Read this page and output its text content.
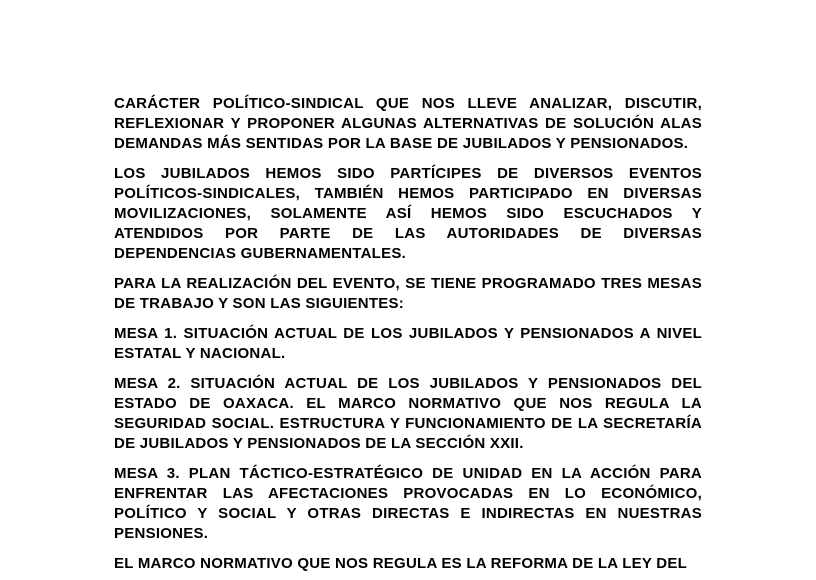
CARÁCTER POLÍTICO-SINDICAL QUE NOS LLEVE ANALIZAR, DISCUTIR, REFLEXIONAR Y PROPONER ALGUNAS ALTERNATIVAS DE SOLUCIÓN ALAS DEMANDAS MÁS SENTIDAS POR LA BASE DE JUBILADOS Y PENSIONADOS.

LOS JUBILADOS HEMOS SIDO PARTÍCIPES DE DIVERSOS EVENTOS POLÍTICOS-SINDICALES, TAMBIÉN HEMOS PARTICIPADO EN DIVERSAS MOVILIZACIONES, SOLAMENTE ASÍ HEMOS SIDO ESCUCHADOS Y ATENDIDOS POR PARTE DE LAS AUTORIDADES DE DIVERSAS DEPENDENCIAS GUBERNAMENTALES.

PARA LA REALIZACIÓN DEL EVENTO, SE TIENE PROGRAMADO TRES MESAS DE TRABAJO Y SON LAS SIGUIENTES:

MESA 1. SITUACIÓN ACTUAL DE LOS JUBILADOS Y PENSIONADOS A NIVEL ESTATAL Y NACIONAL.

MESA 2. SITUACIÓN ACTUAL DE LOS JUBILADOS Y PENSIONADOS DEL ESTADO DE OAXACA. EL MARCO NORMATIVO QUE NOS REGULA LA SEGURIDAD SOCIAL. ESTRUCTURA Y FUNCIONAMIENTO DE LA SECRETARÍA DE JUBILADOS Y PENSIONADOS DE LA SECCIÓN XXII.

MESA 3. PLAN TÁCTICO-ESTRATÉGICO DE UNIDAD EN LA ACCIÓN PARA ENFRENTAR LAS AFECTACIONES PROVOCADAS EN LO ECONÓMICO, POLÍTICO Y SOCIAL Y OTRAS DIRECTAS E INDIRECTAS EN NUESTRAS PENSIONES.

EL MARCO NORMATIVO QUE NOS REGULA ES LA REFORMA DE LA LEY DEL
